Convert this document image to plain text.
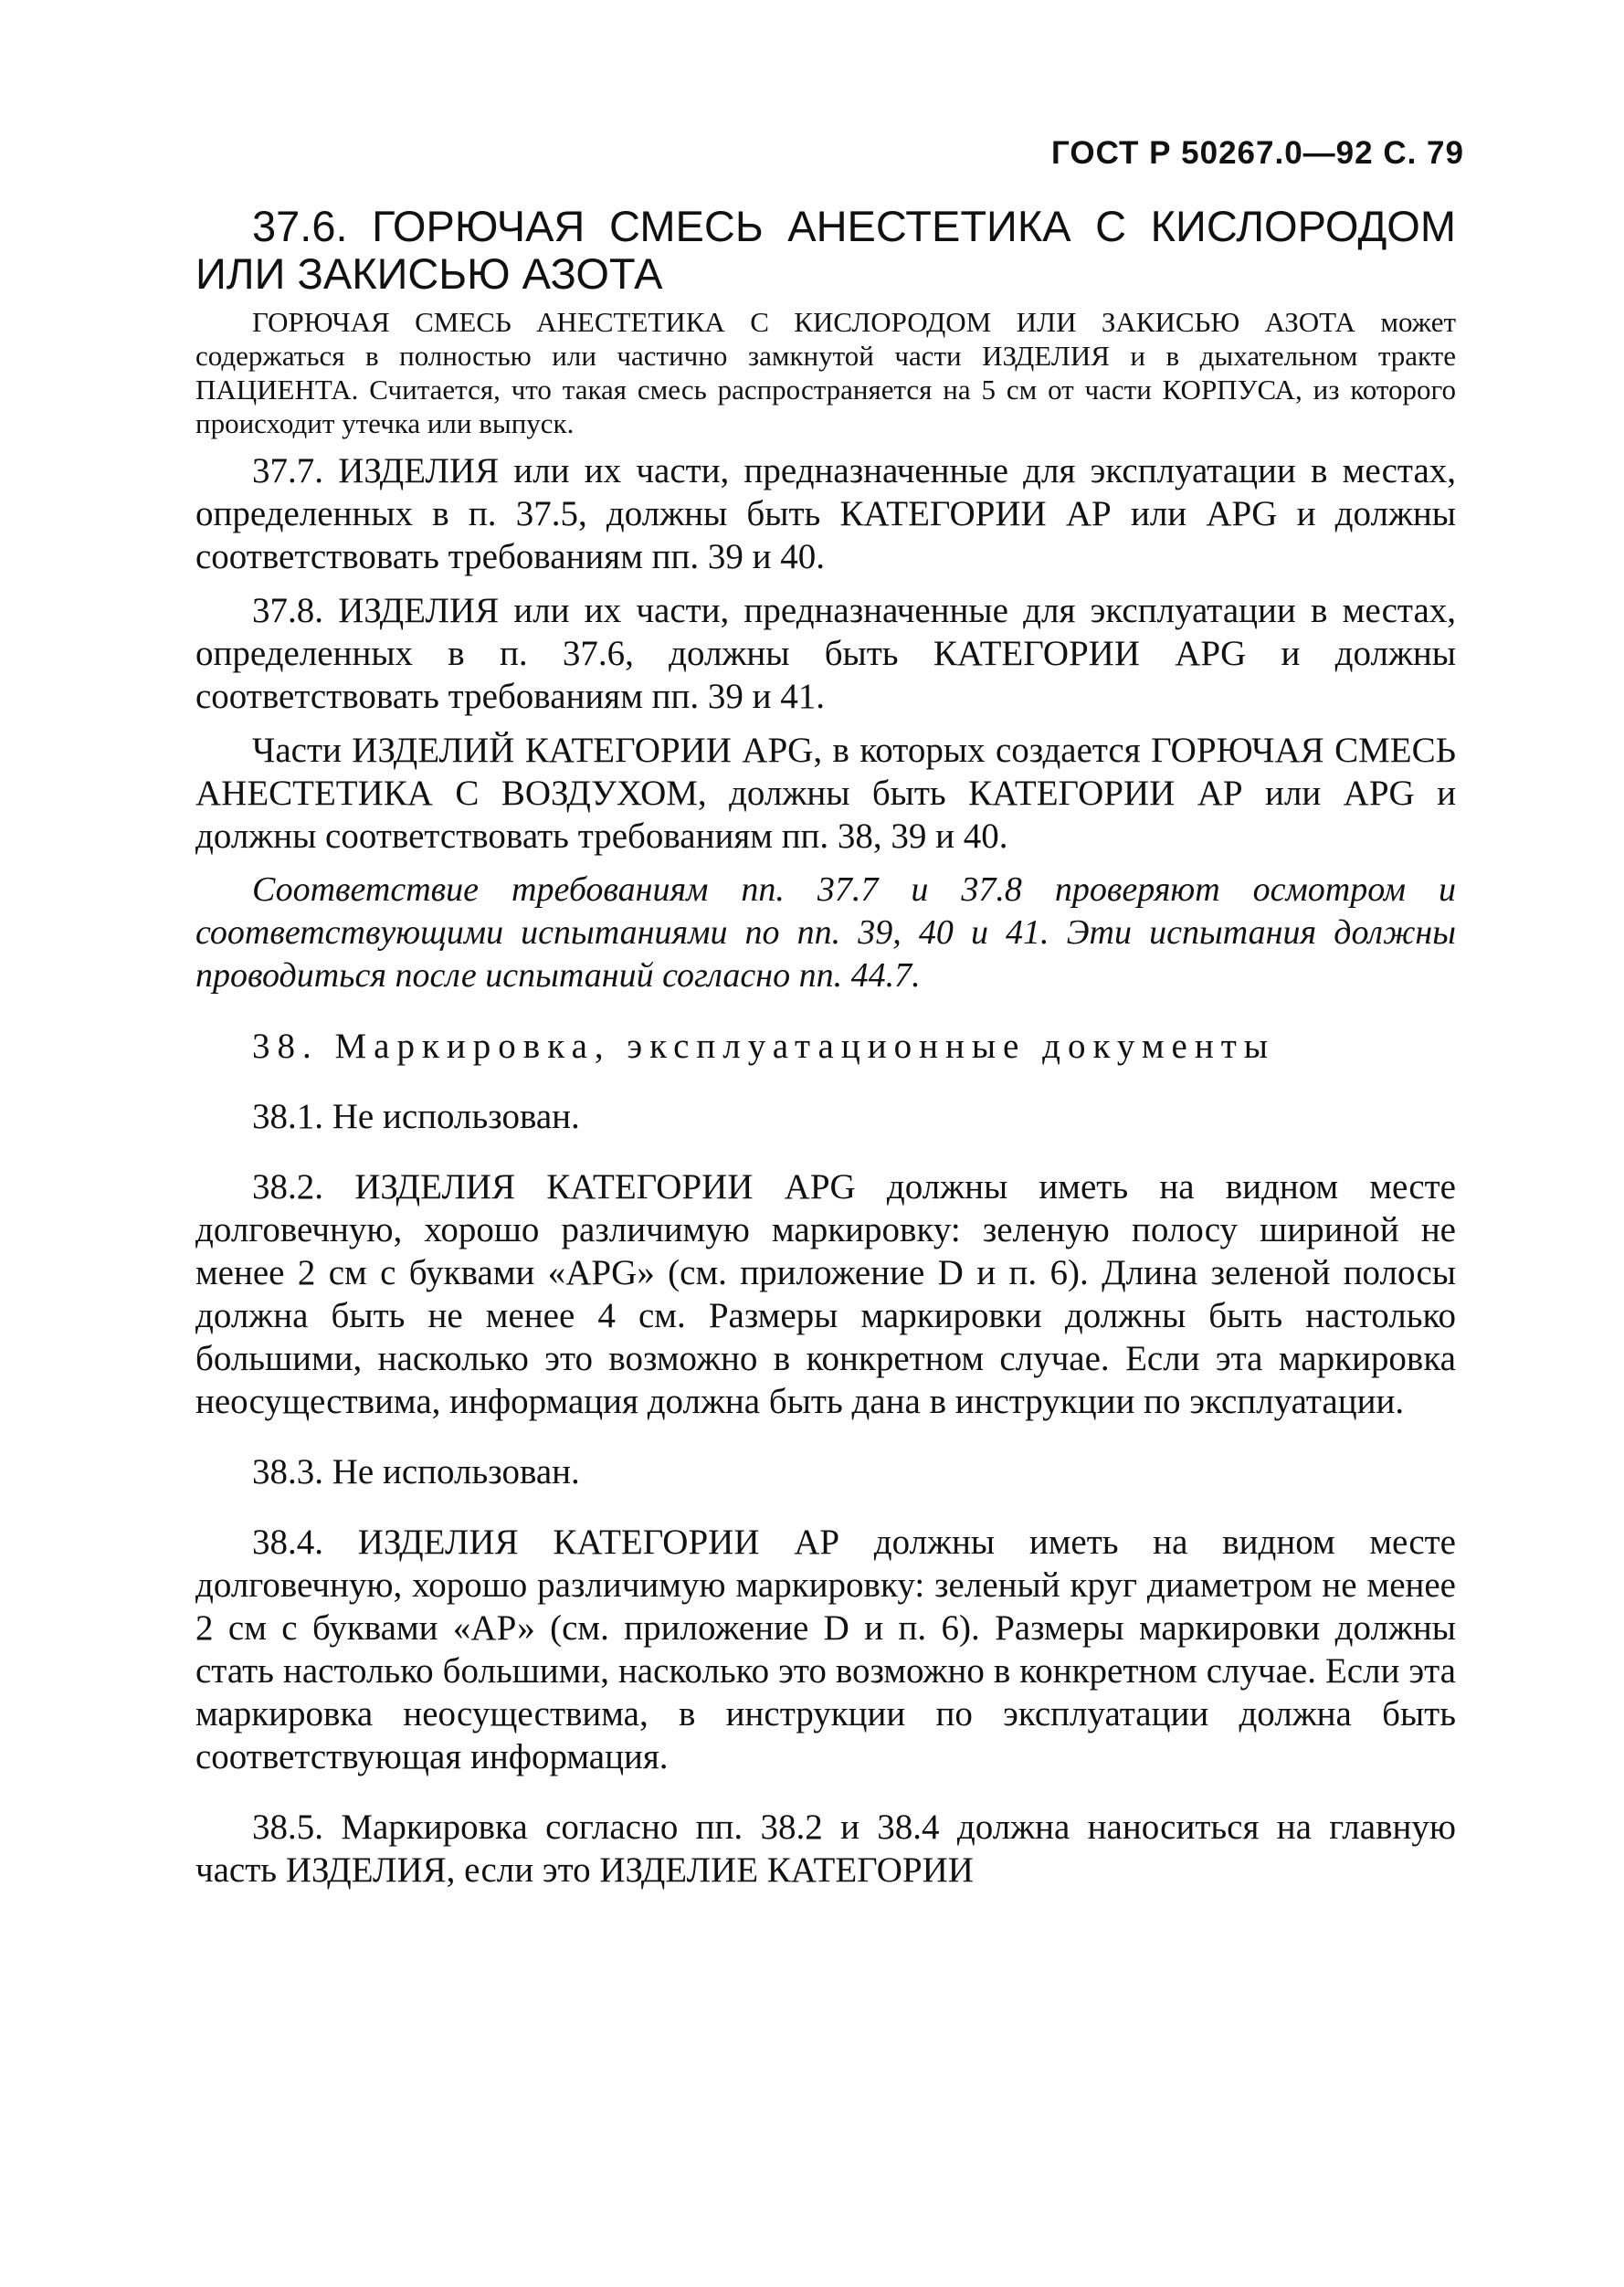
ГОСТ Р 50267.0—92 С. 79

37.6. ГОРЮЧАЯ СМЕСЬ АНЕСТЕТИКА С КИСЛОРОДОМ ИЛИ ЗАКИСЬЮ АЗОТА

ГОРЮЧАЯ СМЕСЬ АНЕСТЕТИКА С КИСЛОРОДОМ ИЛИ ЗАКИСЬЮ АЗОТА может содержаться в полностью или частично замкнутой части ИЗДЕЛИЯ и в дыхательном тракте ПАЦИЕНТА. Считается, что такая смесь распространяется на 5 см от части КОРПУСА, из которого происходит утечка или выпуск.

37.7. ИЗДЕЛИЯ или их части, предназначенные для эксплуатации в местах, определенных в п. 37.5, должны быть КАТЕГОРИИ АР или APG и должны соответствовать требованиям пп. 39 и 40.

37.8. ИЗДЕЛИЯ или их части, предназначенные для эксплуатации в местах, определенных в п. 37.6, должны быть КАТЕГОРИИ APG и должны соответствовать требованиям пп. 39 и 41.

Части ИЗДЕЛИЙ КАТЕГОРИИ APG, в которых создается ГОРЮЧАЯ СМЕСЬ АНЕСТЕТИКА С ВОЗДУХОМ, должны быть КАТЕГОРИИ АР или APG и должны соответствовать требованиям пп. 38, 39 и 40.

Соответствие требованиям пп. 37.7 и 37.8 проверяют осмотром и соответствующими испытаниями по пп. 39, 40 и 41. Эти испытания должны проводиться после испытаний согласно пп. 44.7.

38. Маркировка, эксплуатационные документы

38.1. Не использован.

38.2. ИЗДЕЛИЯ КАТЕГОРИИ APG должны иметь на видном месте долговечную, хорошо различимую маркировку: зеленую полосу шириной не менее 2 см с буквами «APG» (см. приложение D и п. 6). Длина зеленой полосы должна быть не менее 4 см. Размеры маркировки должны быть настолько большими, насколько это возможно в конкретном случае. Если эта маркировка неосуществима, информация должна быть дана в инструкции по эксплуатации.

38.3. Не использован.

38.4. ИЗДЕЛИЯ КАТЕГОРИИ АР должны иметь на видном месте долговечную, хорошо различимую маркировку: зеленый круг диаметром не менее 2 см с буквами «АР» (см. приложение D и п. 6). Размеры маркировки должны стать настолько большими, насколько это возможно в конкретном случае. Если эта маркировка неосуществима, в инструкции по эксплуатации должна быть соответствующая информация.

38.5. Маркировка согласно пп. 38.2 и 38.4 должна наноситься на главную часть ИЗДЕЛИЯ, если это ИЗДЕЛИЕ КАТЕГОРИИ
